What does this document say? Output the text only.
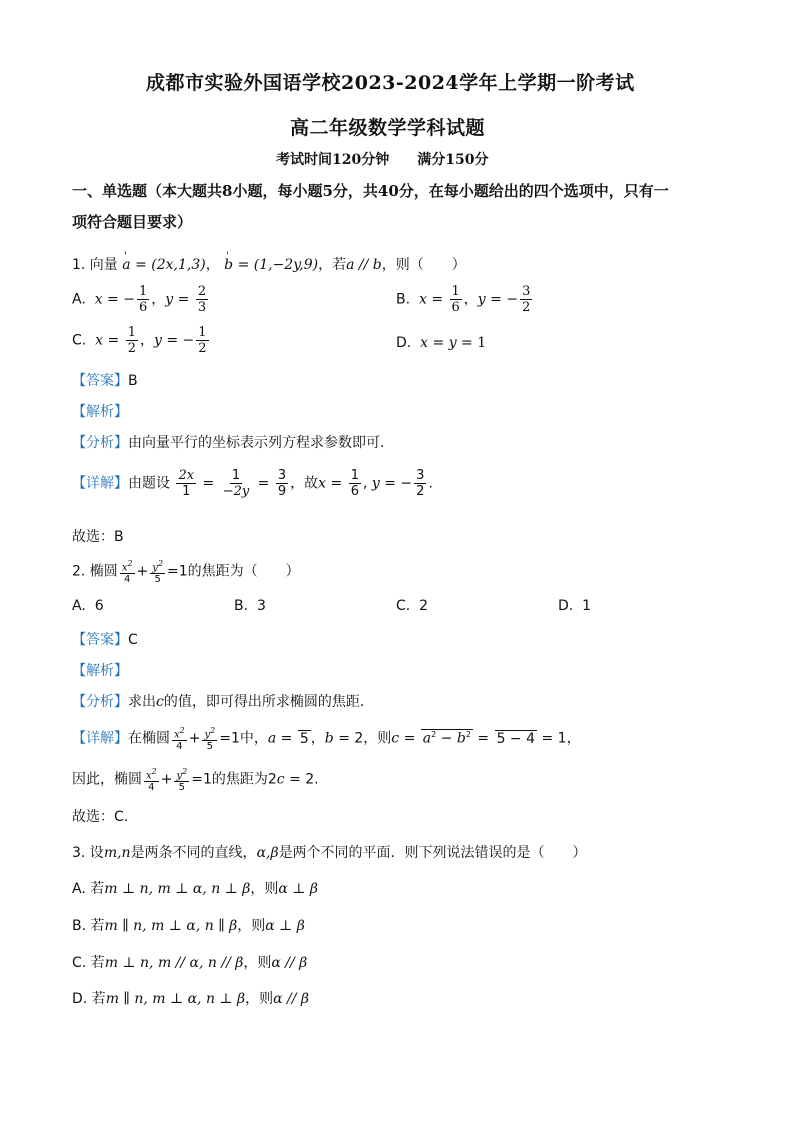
成都市实验外国语学校2023-2024学年上学期一阶考试
高二年级数学学科试题
考试时间120分钟　　满分150分
一、单选题（本大题共8小题，每小题5分，共40分，在每小题给出的四个选项中，只有一
项符合题目要求）
1. 向量 ' a = (2x,1,3)， ' b = (1,−2y,9)，若a // b，则（　　）
A. x = − $\frac{1}{6}$ ，$y = \frac{2}{3}$	B. $x = \frac{1}{6}$ ，y = − $\frac{3}{2}$
C. $x = \frac{1}{2}$ ，y = − $\frac{1}{2}$	D. x = y = 1
【答案】B
【解析】
【分析】由向量平行的坐标表示列方程求参数即可.
【详解】由题设 $\frac{2x}{1} = \frac{1}{-2y} = \frac{3}{9}$ ，故$x = \frac{1}{6}$ , y = − $\frac{3}{2}$ .
故选：B
2. 椭圆 $\frac{x^2}{4} + \frac{y^2}{5} =1$的焦距为（　　）
A. 6	B. 3	C. 2	D. 1
【答案】C
【解析】
【分析】求出c的值，即可得出所求椭圆的焦距.
【详解】在椭圆 $\frac{x^2}{4} + \frac{y^2}{5} =1$中，a = 5 ，b = 2，则$c = a^2 - b^2 = 5 - 4 = 1$，
因此，椭圆 $\frac{x^2}{4} + \frac{y^2}{5} =1$的焦距为2c = 2.
故选：C.
3. 设m,n是两条不同的直线，α,β是两个不同的平面．则下列说法错误的是（　　）
A. 若m ⊥ n, m ⊥ α, n ⊥ β，则α ⊥ β
B. 若m ∥ n, m ⊥ α, n ∥ β，则α ⊥ β
C. 若m ⊥ n, m // α, n // β，则α // β
D. 若m ∥ n, m ⊥ α, n ⊥ β，则α // β
